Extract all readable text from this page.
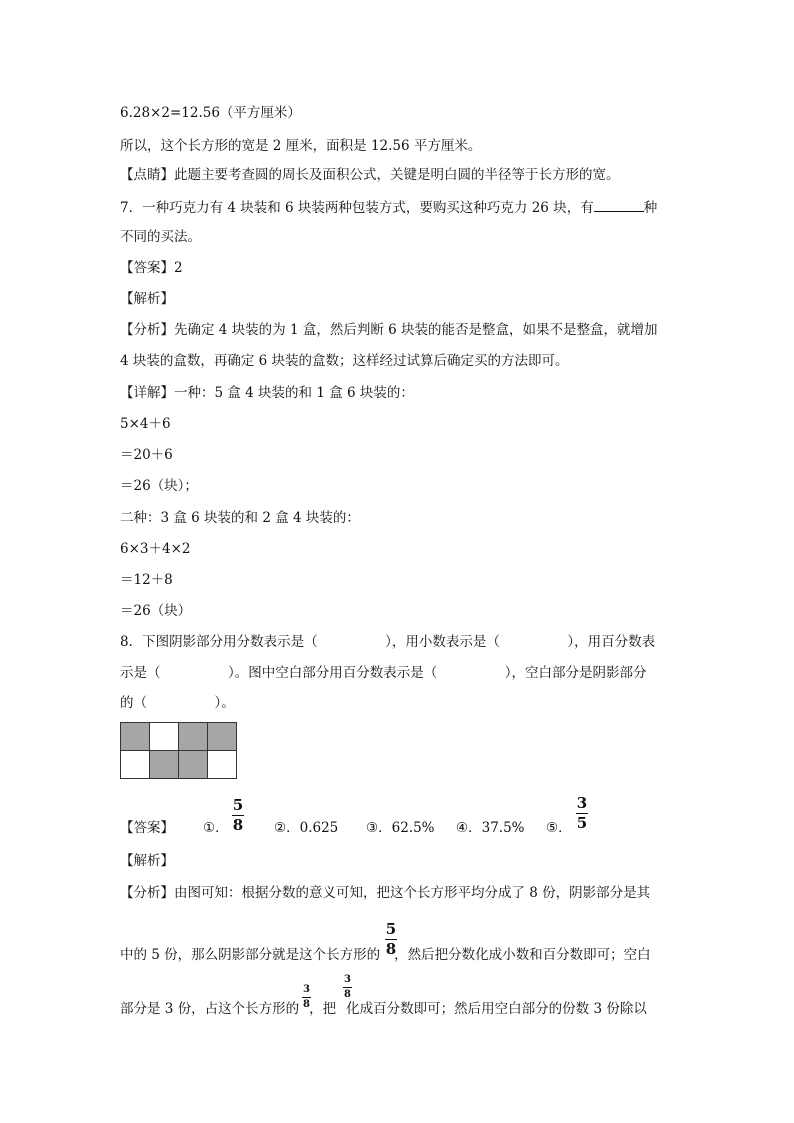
6.28×2=12.56（平方厘米）
所以，这个长方形的宽是 2 厘米，面积是 12.56 平方厘米。
【点睛】此题主要考查圆的周长及面积公式，关键是明白圆的半径等于长方形的宽。
7．一种巧克力有 4 块装和 6 块装两种包装方式，要购买这种巧克力 26 块，有	种
不同的买法。
【答案】2
【解析】
【分析】先确定 4 块装的为 1 盒，然后判断 6 块装的能否是整盒，如果不是整盒，就增加
4 块装的盒数，再确定 6 块装的盒数；这样经过试算后确定买的方法即可。
【详解】一种：5 盒 4 块装的和 1 盒 6 块装的：
5×4＋6
＝20＋6
＝26（块）；
二种：3 盒 6 块装的和 2 盒 4 块装的：
6×3＋4×2
＝12＋8
＝26（块）
8．下图阴影部分用分数表示是（　　　　　），用小数表示是（　　　　　），用百分数表
示是（　　　　　）。图中空白部分用百分数表示是（　　　　　），空白部分是阴影部分
的（　　　　　）。

【答案】 ①．
5
8 ②．0.625 ③．62.5% ④．37.5% ⑤．
3
5
【解析】
【分析】由图可知：根据分数的意义可知，把这个长方形平均分成了 8 份，阴影部分是其
中的 5 份，那么阴影部分就是这个长方形的 ，然后把分数化成小数和百分数即可；空白
5
8
部分是 3 份，占这个长方形的 ，把 化成百分数即可；然后用空白部分的份数 3 份除以
3
8
3
8
